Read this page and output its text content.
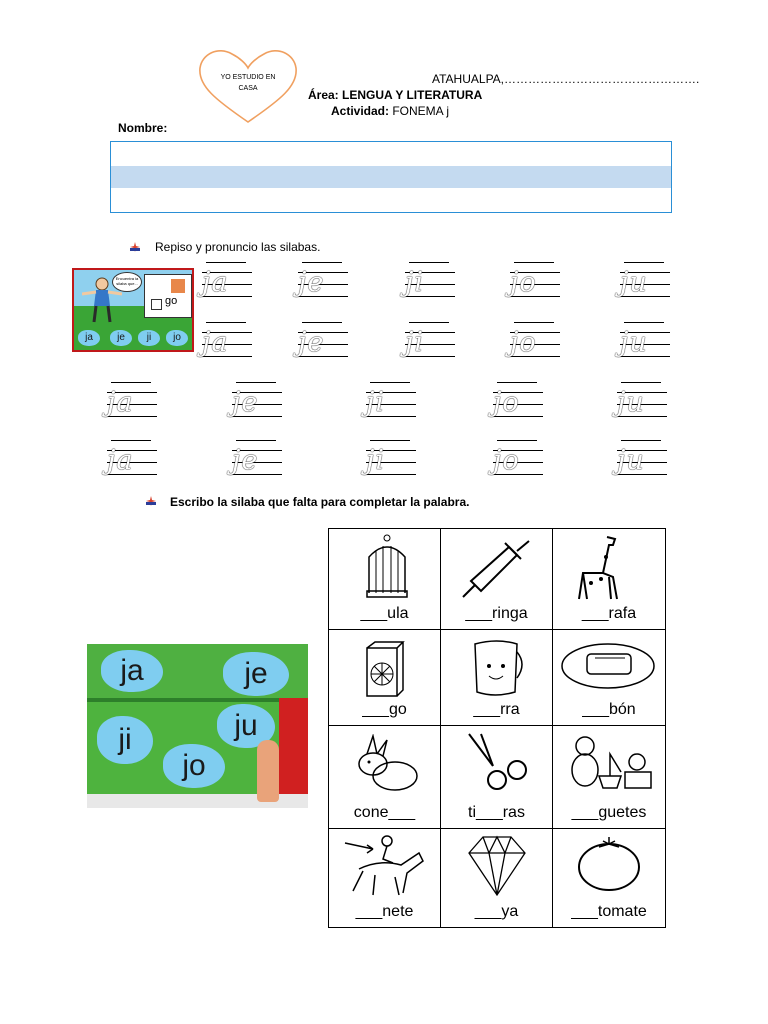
YO ESTUDIO EN CASA
ATAHUALPA,………………………………………….
Área: LENGUA Y LITERATURA
Actividad: FONEMA j
Nombre:
Repiso y pronuncio las silabas.
Encuentra la silaba que...
go
ja	je	ji	jo
ja	je	ji	jo	ju
ja	je	ji	jo	ju
ja	je	ji	jo	ju
ja	je	ji	jo	ju
Escribo la silaba que falta para completar la palabra.
ja	je
ji
jo
ju
___ula	___ringa	___rafa
___go	___rra	___bón
cone___	ti___ras	___guetes
___nete	___ya	___tomate
